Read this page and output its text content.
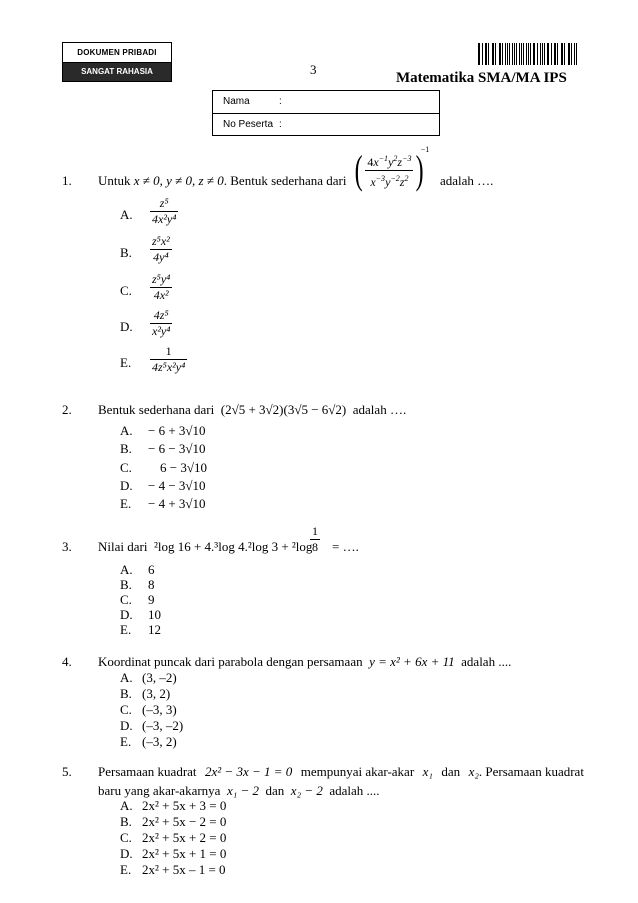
DOKUMEN PRIBADI
SANGAT RAHASIA	3
Matematika SMA/MA IPS
Nama	:
No Peserta :
1. Untuk x ≠ 0, y ≠ 0, z ≠ 0. Bentuk sederhana dari ( $\frac{4x^{-1}y^2z^{-3}}{x^{-3}y^{-2}z^2} )^{-1}$
adalah ….
A. $\frac{\text{z⁵}}{\text{4x²y⁴}}$
B. $\frac{\text{z⁵x²}}{\text{4y⁴}}$
C. $\frac{\text{z⁵y⁴}}{\text{4x²}}$
D. $\frac{\text{4z⁵}}{\text{x²y⁴}}$
E. $\frac{1}{\text{4z⁵x²y⁴}}$
2. Bentuk sederhana dari (2√5 + 3√2)(3√5 − 6√2) adalah ….
A. − 6 + 3√10
B. − 6 − 3√10
C. 6 − 3√10
D. − 4 − 3√10
E. − 4 + 3√10
3. Nilai dari ²log 16 + 4.³log 4.²log 3 + ²log
$\frac{1}{8}$ = ….
A. 6
B. 8
C. 9
D. 10
E. 12
4. Koordinat puncak dari parabola dengan persamaan y = x² + 6x + 11 adalah ....
A. (3, –2)
B. (3, 2)
C. (–3, 3)
D. (–3, –2)
E. (–3, 2)
5. Persamaan kuadrat 2x² − 3x − 1 = 0 mempunyai akar-akar x₁ dan x₂. Persamaan kuadrat
baru yang akar-akarnya x₁ − 2 dan x₂ − 2 adalah ....
A. 2x² + 5x + 3 = 0
B. 2x² + 5x − 2 = 0
C. 2x² + 5x + 2 = 0
D. 2x² + 5x + 1 = 0
E. 2x² + 5x – 1 = 0
